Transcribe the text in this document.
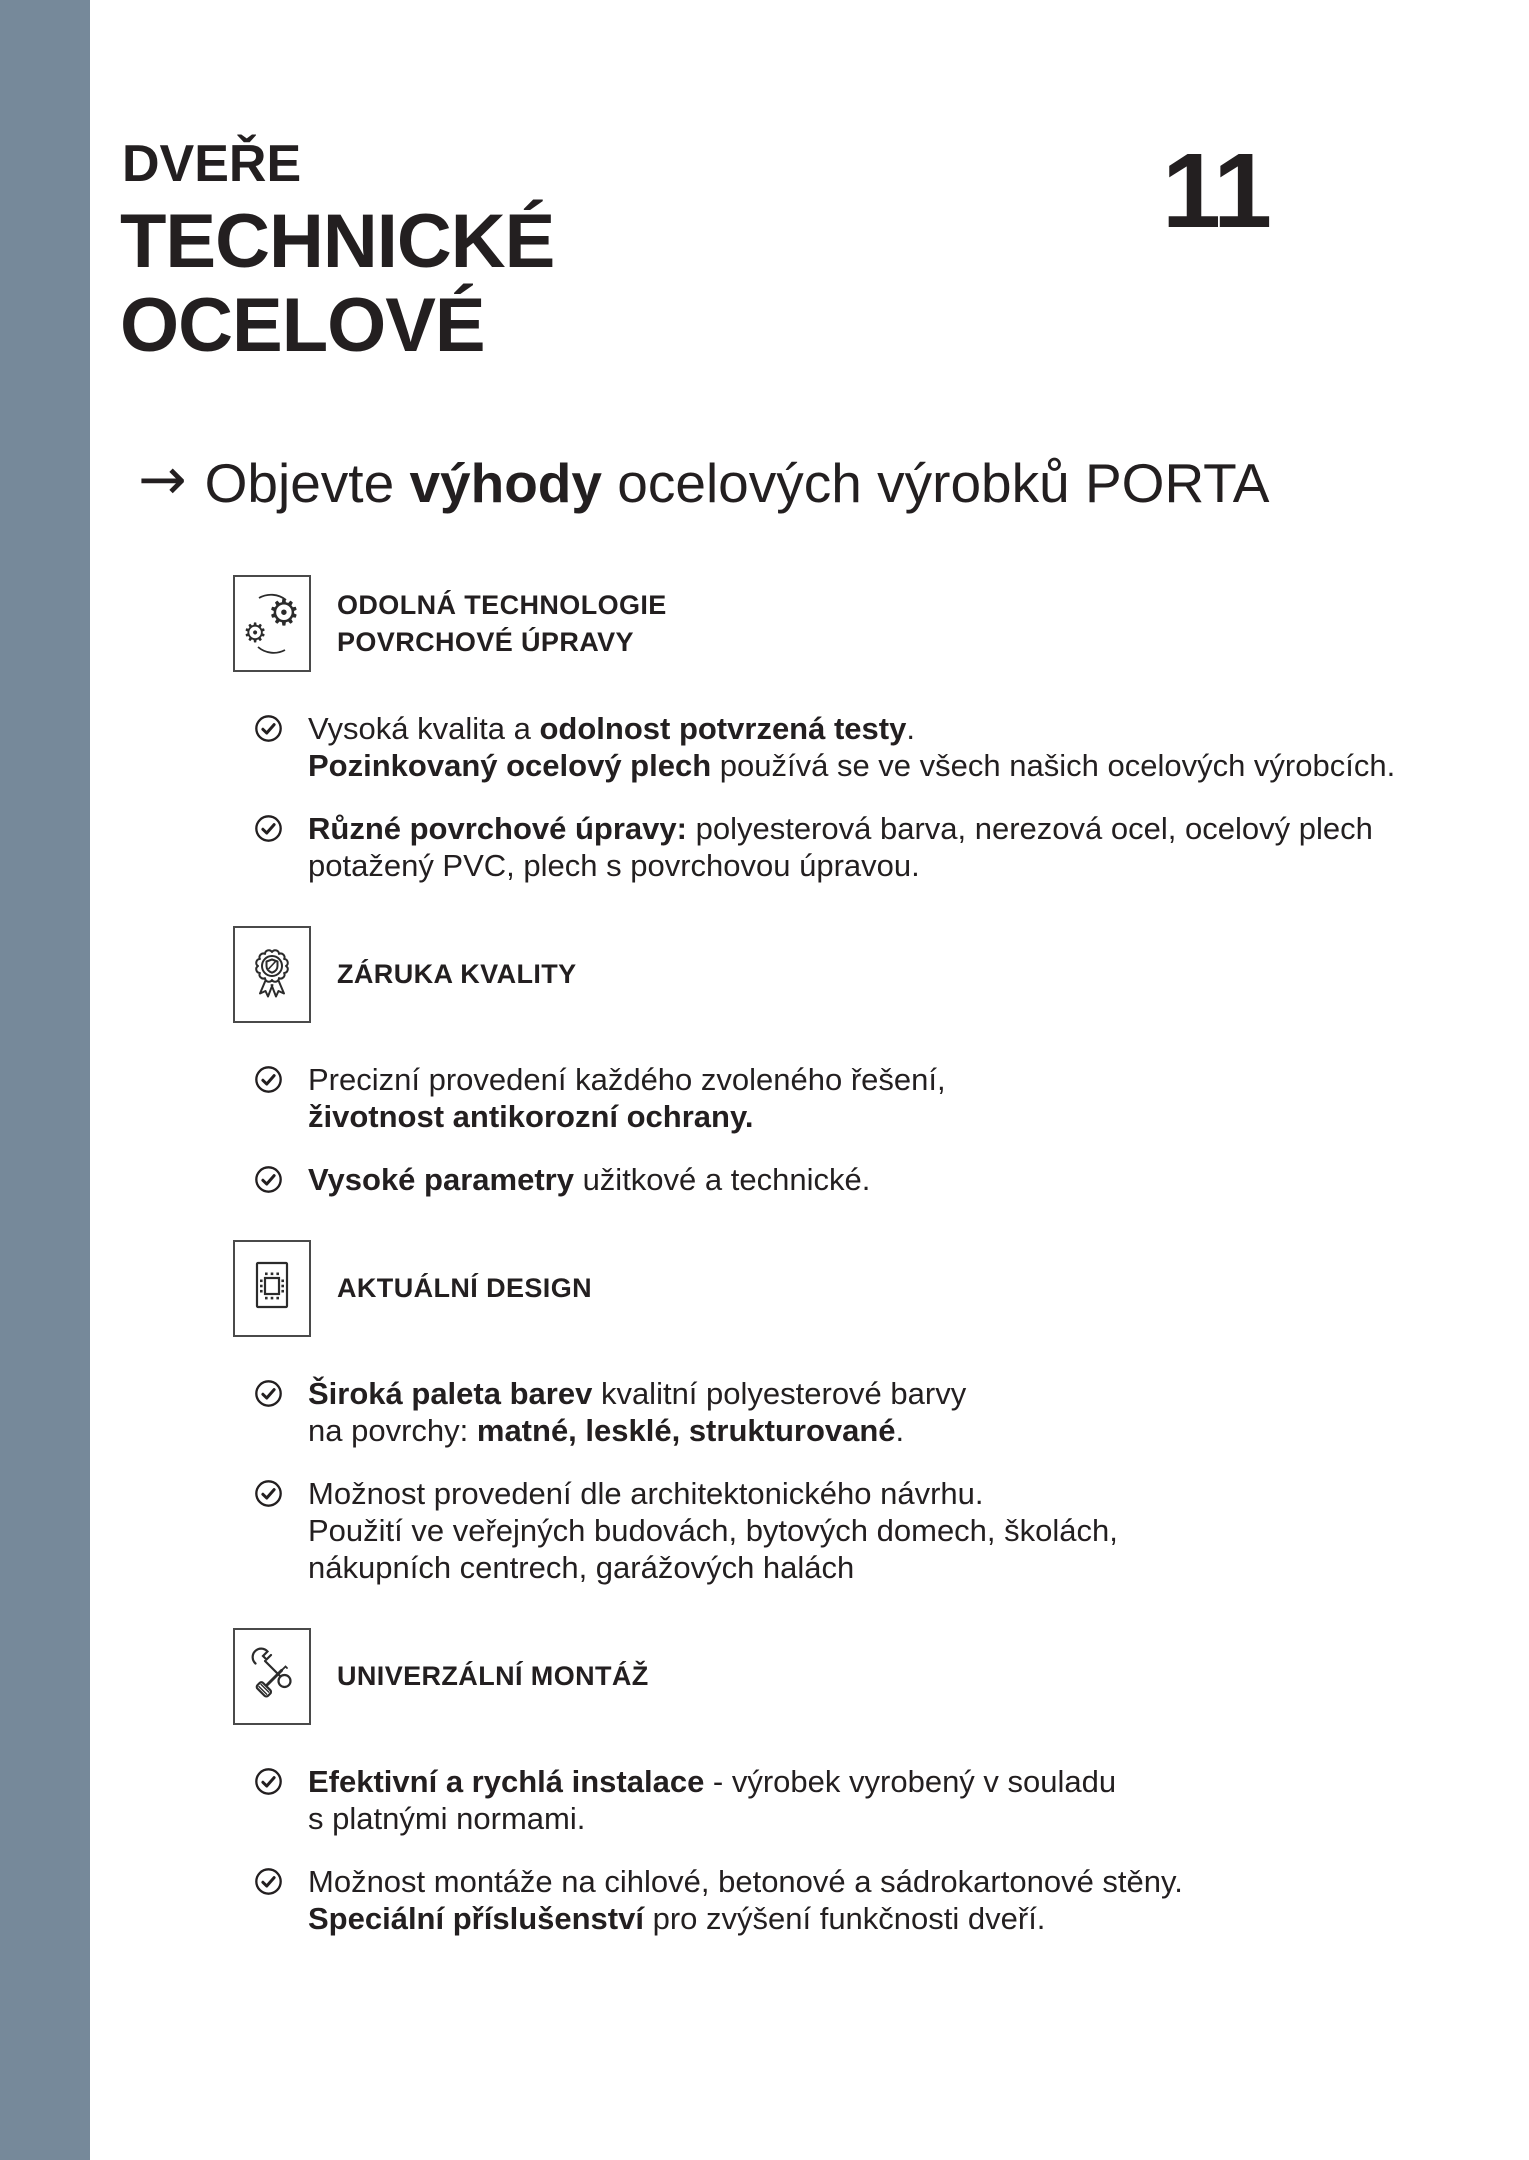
DVEŘE
TECHNICKÉ
OCELOVÉ
11
→ Objevte výhody ocelových výrobků PORTA
⚙
⚙
ODOLNÁ TECHNOLOGIE
POVRCHOVÉ ÚPRAVY
Vysoká kvalita a odolnost potvrzená testy.
Pozinkovaný ocelový plech používá se ve všech našich ocelových výrobcích.
Různé povrchové úpravy: polyesterová barva, nerezová ocel, ocelový plech
potažený PVC, plech s povrchovou úpravou.
ZÁRUKA KVALITY
Precizní provedení každého zvoleného řešení,
životnost antikorozní ochrany.
Vysoké parametry užitkové a technické.
AKTUÁLNÍ DESIGN
Široká paleta barev kvalitní polyesterové barvy
na povrchy: matné, lesklé, strukturované.
Možnost provedení dle architektonického návrhu.
Použití ve veřejných budovách, bytových domech, školách,
nákupních centrech, garážových halách
UNIVERZÁLNÍ MONTÁŽ
Efektivní a rychlá instalace - výrobek vyrobený v souladu
s platnými normami.
Možnost montáže na cihlové, betonové a sádrokartonové stěny.
Speciální příslušenství pro zvýšení funkčnosti dveří.
